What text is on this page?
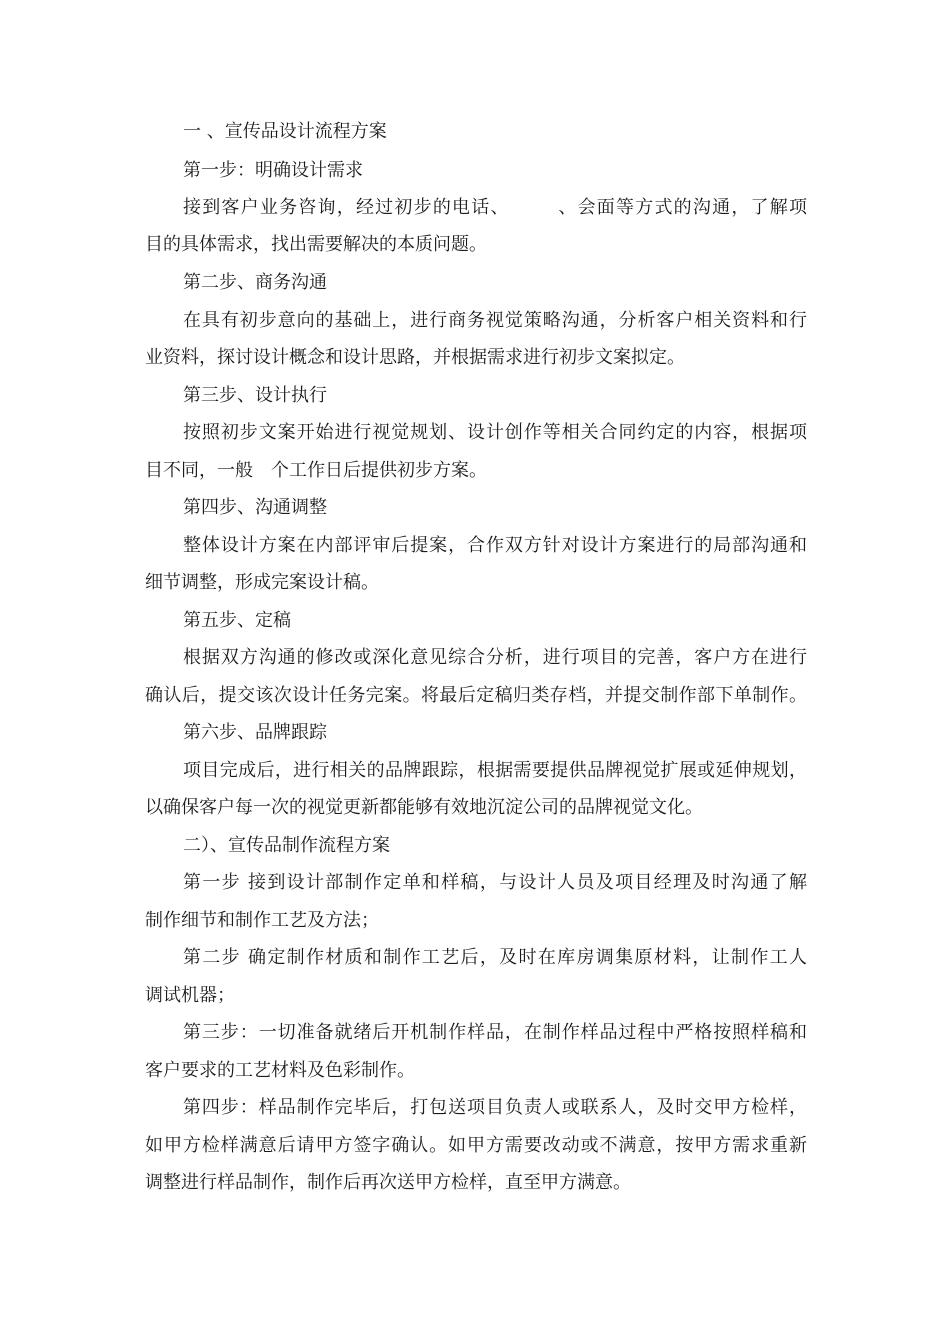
一 、宣传品设计流程方案

第一步：明确设计需求

接到客户业务咨询，经过初步的电话、　　　、会面等方式的沟通，了解项

目的具体需求，找出需要解决的本质问题。

第二步、商务沟通

在具有初步意向的基础上，进行商务视觉策略沟通，分析客户相关资料和行

业资料，探讨设计概念和设计思路，并根据需求进行初步文案拟定。

第三步、设计执行

按照初步文案开始进行视觉规划、设计创作等相关合同约定的内容，根据项

目不同，一般　个工作日后提供初步方案。

第四步、沟通调整

整体设计方案在内部评审后提案，合作双方针对设计方案进行的局部沟通和

细节调整，形成完案设计稿。

第五步、定稿

根据双方沟通的修改或深化意见综合分析，进行项目的完善，客户方在进行

确认后，提交该次设计任务完案。将最后定稿归类存档，并提交制作部下单制作。

第六步、品牌跟踪

项目完成后，进行相关的品牌跟踪，根据需要提供品牌视觉扩展或延伸规划，

以确保客户每一次的视觉更新都能够有效地沉淀公司的品牌视觉文化。

二）、宣传品制作流程方案

第一步 接到设计部制作定单和样稿，与设计人员及项目经理及时沟通了解

制作细节和制作工艺及方法；

第二步 确定制作材质和制作工艺后，及时在库房调集原材料，让制作工人

调试机器；

第三步：一切准备就绪后开机制作样品，在制作样品过程中严格按照样稿和

客户要求的工艺材料及色彩制作。

第四步：样品制作完毕后，打包送项目负责人或联系人，及时交甲方检样，

如甲方检样满意后请甲方签字确认。如甲方需要改动或不满意，按甲方需求重新

调整进行样品制作，制作后再次送甲方检样，直至甲方满意。
